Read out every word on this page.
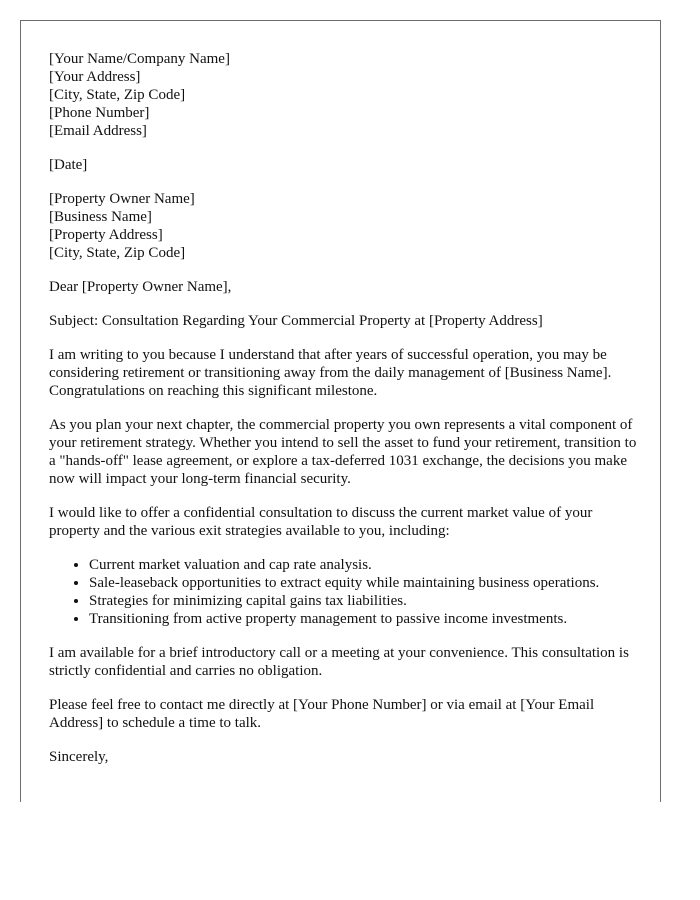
[Your Name/Company Name]
[Your Address]
[City, State, Zip Code]
[Phone Number]
[Email Address]
[Date]
[Property Owner Name]
[Business Name]
[Property Address]
[City, State, Zip Code]

Dear [Property Owner Name],

Subject: Consultation Regarding Your Commercial Property at [Property Address]

I am writing to you because I understand that after years of successful operation, you may be considering retirement or transitioning away from the daily management of [Business Name]. Congratulations on reaching this significant milestone.

As you plan your next chapter, the commercial property you own represents a vital component of your retirement strategy. Whether you intend to sell the asset to fund your retirement, transition to a "hands-off" lease agreement, or explore a tax-deferred 1031 exchange, the decisions you make now will impact your long-term financial security.

I would like to offer a confidential consultation to discuss the current market value of your property and the various exit strategies available to you, including:

• Current market valuation and cap rate analysis.
• Sale-leaseback opportunities to extract equity while maintaining business operations.
• Strategies for minimizing capital gains tax liabilities.
• Transitioning from active property management to passive income investments.

I am available for a brief introductory call or a meeting at your convenience. This consultation is strictly confidential and carries no obligation.

Please feel free to contact me directly at [Your Phone Number] or via email at [Your Email Address] to schedule a time to talk.

Sincerely,
